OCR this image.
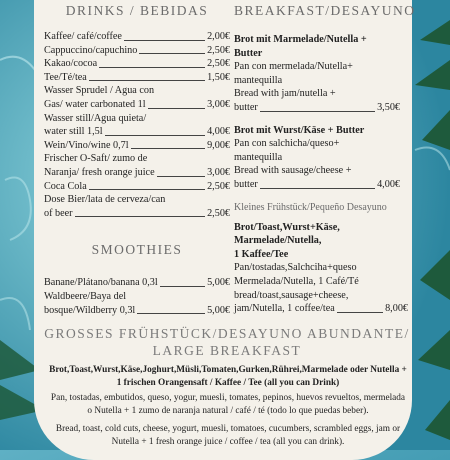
DRINKS / BEBIDAS

Kaffee/ café/coffee	2,00€
Cappuccino/capuchino	2,50€
Kakao/cocoa	2,50€
Tee/Té/tea	1,50€
Wasser Sprudel / Agua con
Gas/ water carbonated 1l	3,00€
Wasser still/Agua quieta/
water still 1,5l	4,00€
Wein/Vino/wine 0,7l	9,00€
Frischer O-Saft/ zumo de
Naranja/ fresh orange juice	3,00€
Coca Cola	2,50€
Dose Bier/lata de cerveza/can
of beer	2,50€

SMOOTHIES

Banane/Plátano/banana 0,3l	5,00€
Waldbeere/Baya del
bosque/Wildberry 0,3l	5,00€

BREAKFAST/DESAYUNO

Brot mit Marmelade/Nutella +
Butter
Pan con mermelada/Nutella+
mantequilla
Bread with jam/nutella +
butter	3,50€
Brot mit Wurst/Käse + Butter
Pan con salchicha/queso+
mantequilla
Bread with sausage/cheese +
butter	4,00€
Kleines Frühstück/Pequeño Desayuno
Brot/Toast,Wurst+Käse,
Marmelade/Nutella,
1 Kaffee/Tee
Pan/tostadas,Salchciha+queso
Mermelada/Nutella, 1 Café/Té
bread/toast,sausage+cheese,
jam/Nutella, 1 coffee/tea	8,00€
GROSSES FRÜHSTÜCK/DESAYUNO ABUNDANTE/
LARGE BREAKFAST
Brot,Toast,Wurst,Käse,Joghurt,Müsli,Tomaten,Gurken,Rührei,Marmelade oder Nutella + 1 frischen Orangensaft / Kaffee / Tee (all you can Drink)
Pan, tostadas, embutidos, queso, yogur, muesli, tomates, pepinos, huevos revueltos, mermelada o Nutella + 1 zumo de naranja natural / café / té (todo lo que puedas beber).
Bread, toast, cold cuts, cheese, yogurt, muesli, tomatoes, cucumbers, scrambled eggs, jam or Nutella + 1 fresh orange juice / coffee / tea (all you can drink).
